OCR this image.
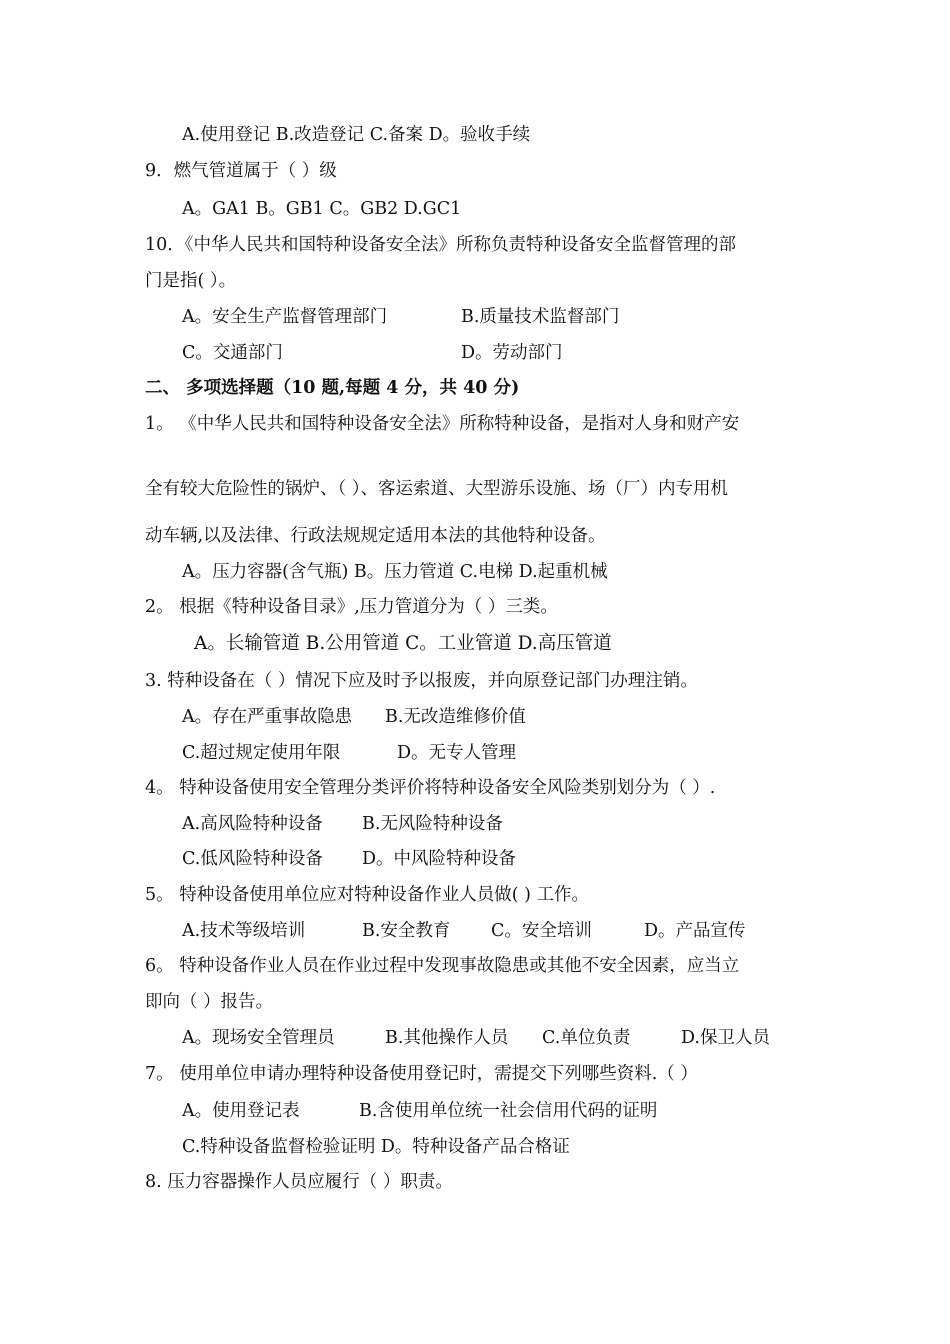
A.使用登记 B.改造登记 C.备案 D。验收手续
9．燃气管道属于（ ）级
A。GA1 B。GB1 C。GB2 D.GC1
10．《中华人民共和国特种设备安全法》所称负责特种设备安全监督管理的部
门是指( ）。
A。安全生产监督管理部门	B.质量技术监督部门
C。交通部门	D。劳动部门
二、 多项选择题（10 题,每题 4 分，共 40 分)
1。 《中华人民共和国特种设备安全法》所称特种设备，是指对人身和财产安
全有较大危险性的锅炉、（ ）、客运索道、大型游乐设施、场（厂）内专用机
动车辆,以及法律、行政法规规定适用本法的其他特种设备。
A。压力容器(含气瓶) B。压力管道 C.电梯 D.起重机械
2。 根据《特种设备目录》,压力管道分为（ ）三类。
A。长输管道 B.公用管道 C。工业管道 D.高压管道
3. 特种设备在（ ）情况下应及时予以报废，并向原登记部门办理注销。
A。存在严重事故隐患 B.无改造维修价值
C.超过规定使用年限	D。无专人管理
4。 特种设备使用安全管理分类评价将特种设备安全风险类别划分为（ ）.
A.高风险特种设备 B.无风险特种设备
C.低风险特种设备 D。中风险特种设备
5。 特种设备使用单位应对特种设备作业人员做( ) 工作。
A.技术等级培训	B.安全教育 C。安全培训	D。产品宣传
6。 特种设备作业人员在作业过程中发现事故隐患或其他不安全因素，应当立
即向（ ）报告。
A。现场安全管理员	B.其他操作人员 C.单位负责	D.保卫人员
7。 使用单位申请办理特种设备使用登记时，需提交下列哪些资料.（ ）
A。使用登记表	B.含使用单位统一社会信用代码的证明
C.特种设备监督检验证明 D。特种设备产品合格证
8. 压力容器操作人员应履行（ ）职责。
